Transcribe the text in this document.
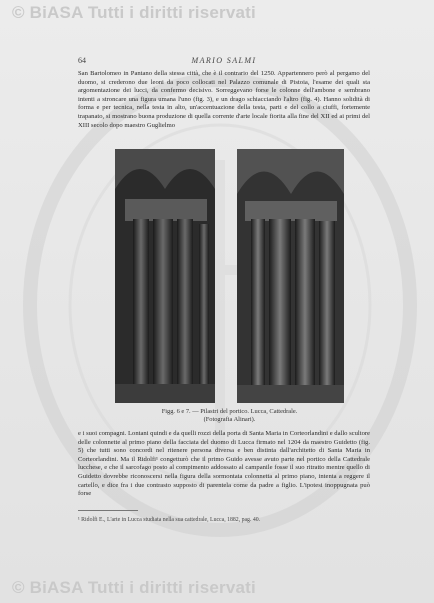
© BiASA Tutti i diritti riservati
64	MARIO SALMI
San Bartolomeo in Pantano della stessa città, che è il contrario del 1250. Appartennero però al pergamo del duomo, si crederono due leoni da poco collocati nel Palazzo comunale di Pistoia, l'esame dei quali sta argomentazione dei lucci, da confermo decisivo. Sorreggevano forse le colonne dell'ambone e sembrano intenti a stroncare una figura umana l'uno (fig. 3), e un drago schiacciando l'altro (fig. 4). Hanno solidità di forma e per tecnica, nella testa in alto, un'accentuazione della testa, parti e del collo a ciuffi, fortemente trapanato, si mostrano buona produzione di quella corrente d'arte locale fiorita alla fine del XII ed ai primi del XIII secolo dopo maestro Guglielmo
Figg. 6 e 7. — Pilastri del portico. Lucca, Cattedrale.
(Fotografia Alinari).
e i suoi compagni. Lontani quindi e da quelli rozzi della porta di Santa Maria in Corteorlandini e dallo scultore delle colonnette al primo piano della facciata del duomo di Lucca firmato nel 1204 da maestro Guidetto (fig. 5) che tutti sono concordi nel ritenere persona diversa e ben distinta dall'architetto di Santa Maria in Corteorlandini. Ma il Ridolfi¹ congetturò che il primo Guido avesse avuto parte nel portico della Cattedrale lucchese, e che il sarcofago posto al compimento addossato al campanile fosse il suo ritratto mentre quello di Guidetto dovrebbe riconoscersi nella figura della sormontata colonnetta al primo piano, intenta a reggere il cartello, e dice fra i due contrasto supposto di parentela come da padre a figlio. L'ipotesi inoppugnata può forse
¹ Ridolfi E., L'arte in Lucca studiata nella sua cattedrale, Lucca, 1882, pag. 40.
© BiASA Tutti i diritti riservati
